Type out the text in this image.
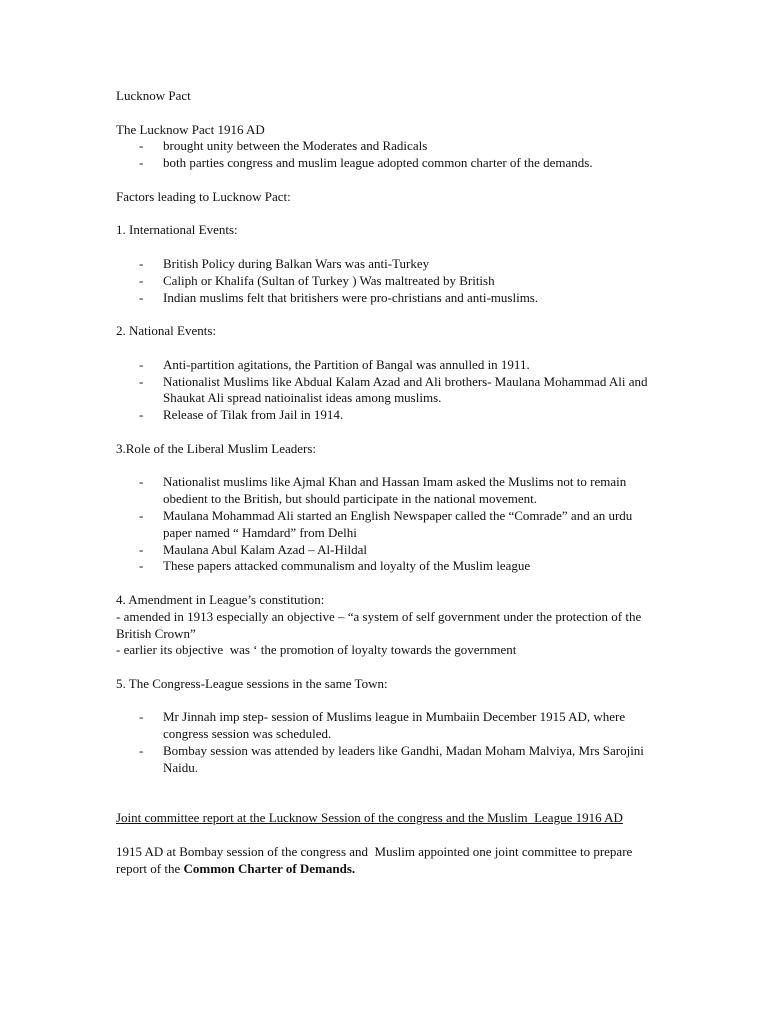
Lucknow Pact

The Lucknow Pact 1916 AD

- brought unity between the Moderates and Radicals
- both parties congress and muslim league adopted common charter of the demands.

Factors leading to Lucknow Pact:

1. International Events:

- British Policy during Balkan Wars was anti-Turkey
- Caliph or Khalifa (Sultan of Turkey ) Was maltreated by British
- Indian muslims felt that britishers were pro-christians and anti-muslims.

2. National Events:

- Anti-partition agitations, the Partition of Bangal was annulled in 1911.
- Nationalist Muslims like Abdual Kalam Azad and Ali brothers- Maulana Mohammad Ali and Shaukat Ali spread natioinalist ideas among muslims.
- Release of Tilak from Jail in 1914.

3.Role of the Liberal Muslim Leaders:

- Nationalist muslims like Ajmal Khan and Hassan Imam asked the Muslims not to remain obedient to the British, but should participate in the national movement.
- Maulana Mohammad Ali started an English Newspaper called the “Comrade” and an urdu paper named “ Hamdard” from Delhi
- Maulana Abul Kalam Azad – Al-Hildal
- These papers attacked communalism and loyalty of the Muslim league

4. Amendment in League’s constitution:

- amended in 1913 especially an objective – “a system of self government under the protection of the British Crown”

- earlier its objective  was ‘ the promotion of loyalty towards the government

5. The Congress-League sessions in the same Town:

- Mr Jinnah imp step- session of Muslims league in Mumbaiin December 1915 AD, where congress session was scheduled.
- Bombay session was attended by leaders like Gandhi, Madan Moham Malviya, Mrs Sarojini Naidu.

Joint committee report at the Lucknow Session of the congress and the Muslim  League 1916 AD

1915 AD at Bombay session of the congress and  Muslim appointed one joint committee to prepare report of the Common Charter of Demands.
